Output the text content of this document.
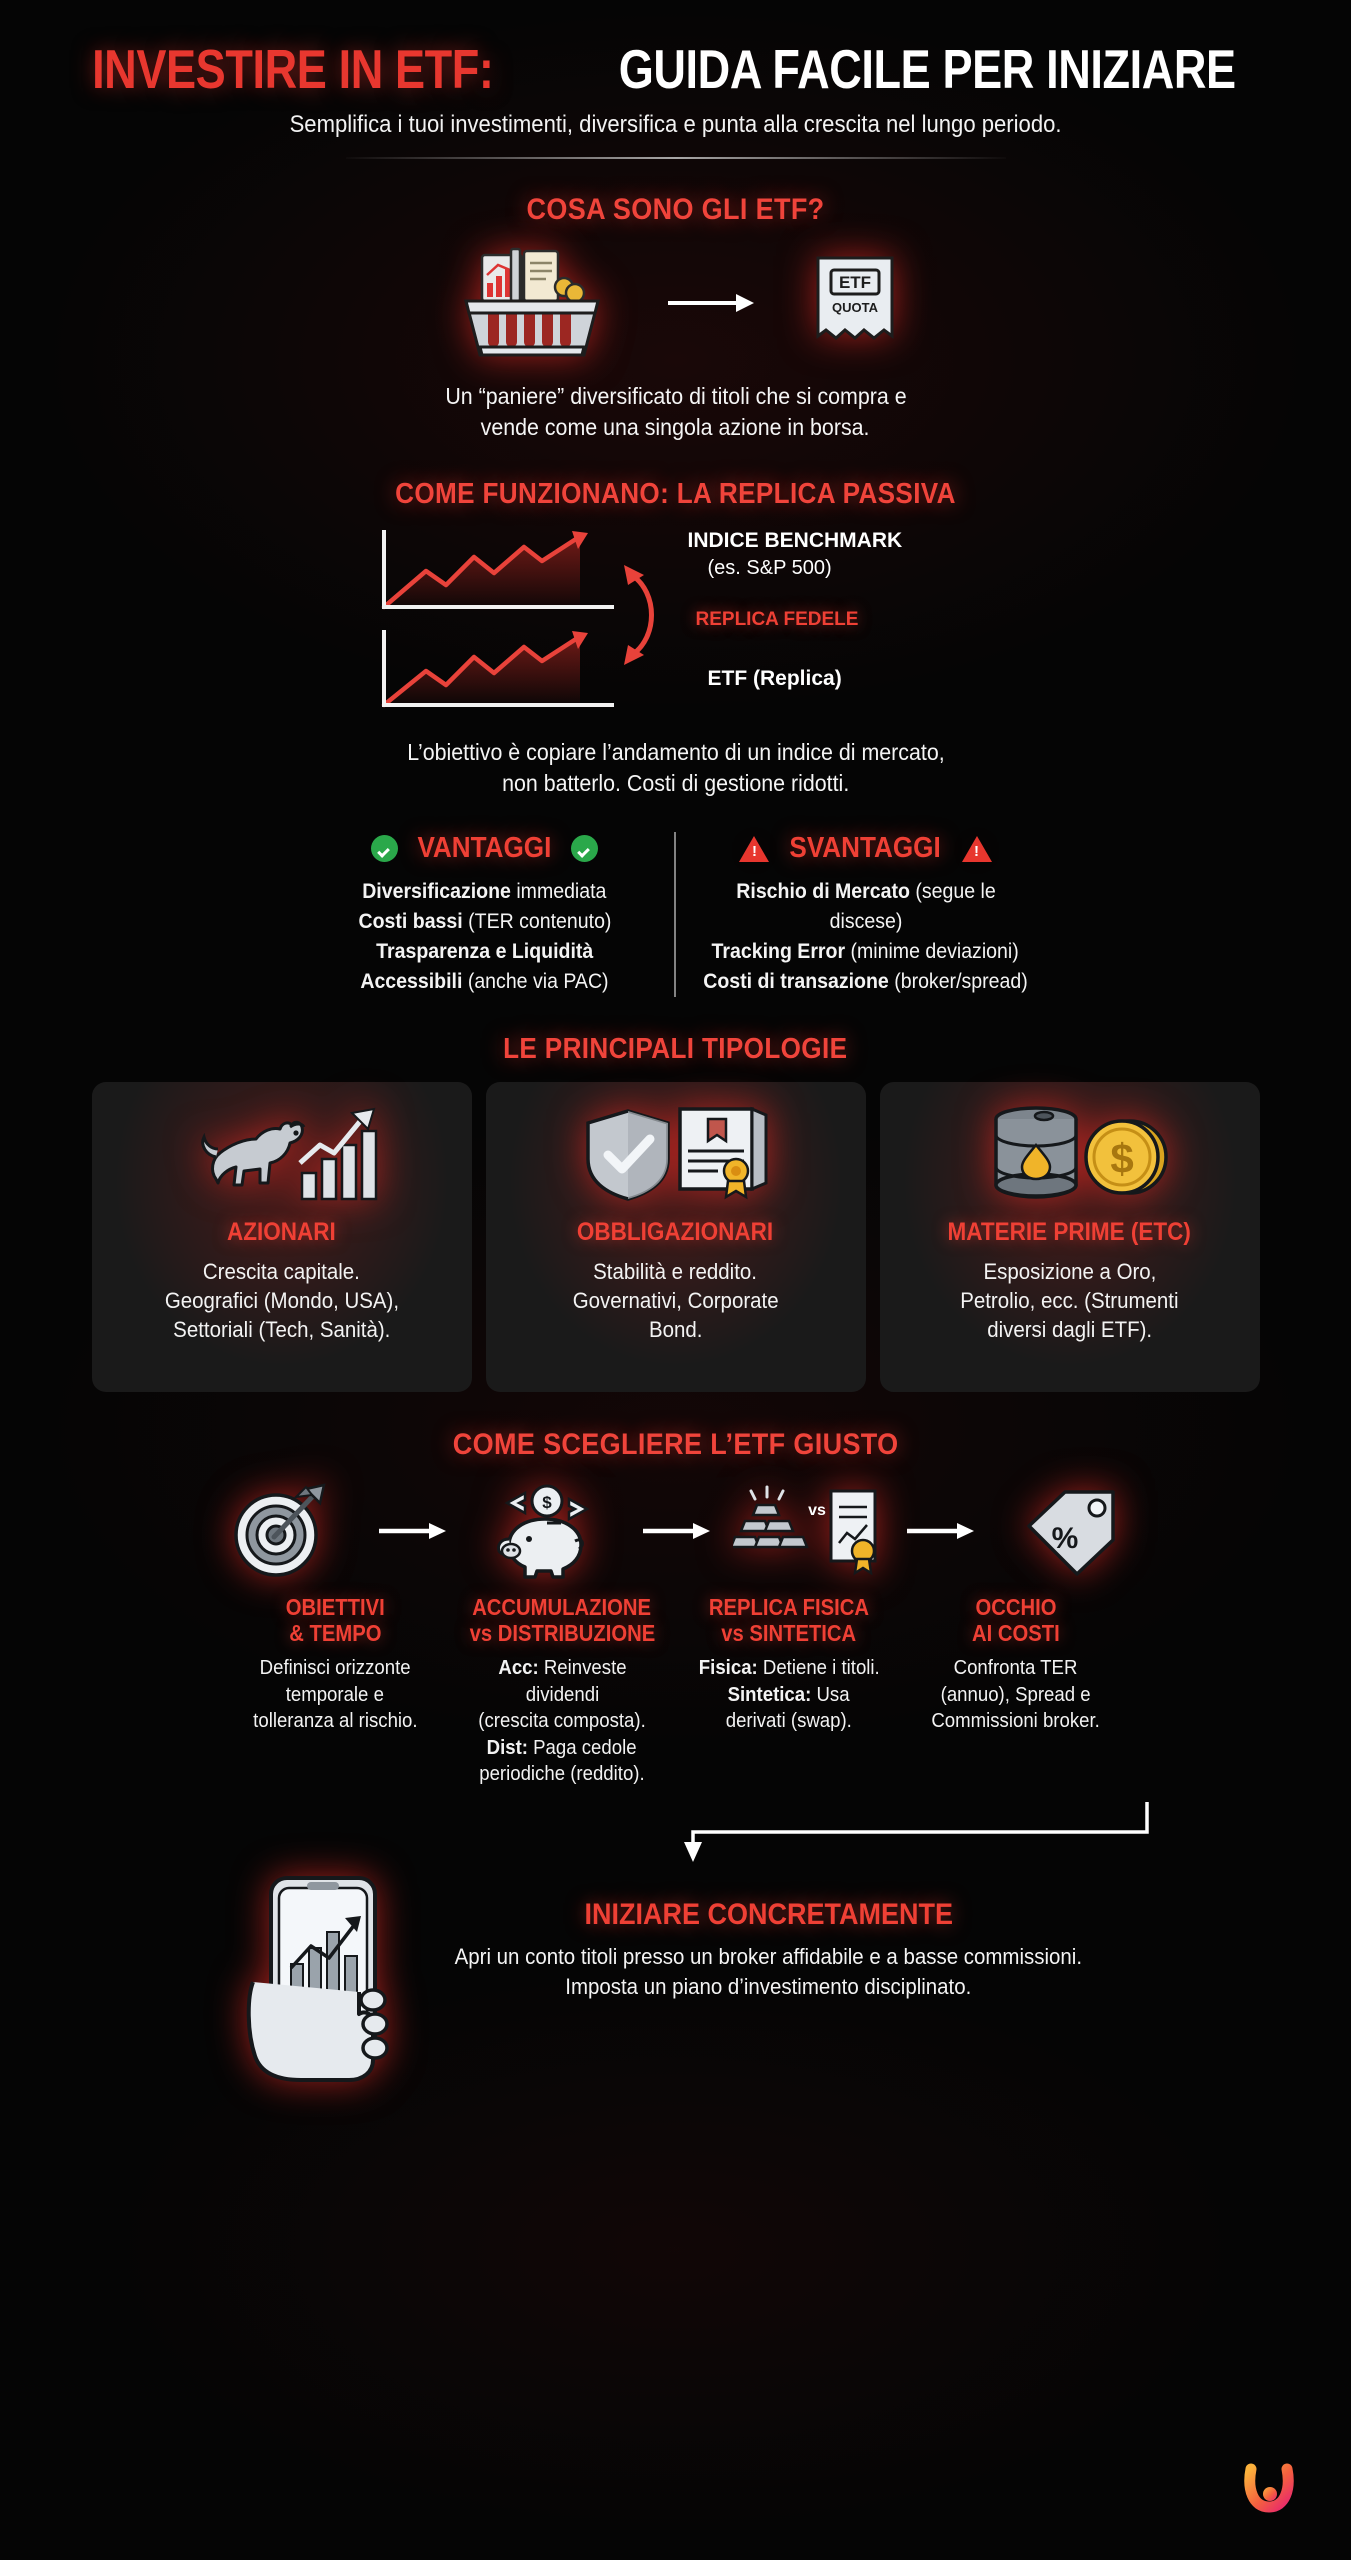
INVESTIRE IN ETF: GUIDA FACILE PER INIZIARE
Semplifica i tuoi investimenti, diversifica e punta alla crescita nel lungo periodo.
COSA SONO GLI ETF?
ETF
QUOTA
Un “paniere” diversificato di titoli che si compra e
vende come una singola azione in borsa.
COME FUNZIONANO: LA REPLICA PASSIVA
INDICE BENCHMARK
(es. S&P 500)
REPLICA FEDELE
ETF (Replica)
L’obiettivo è copiare l’andamento di un indice di mercato,
non batterlo. Costi di gestione ridotti.
VANTAGGI
Diversificazione immediata
Costi bassi (TER contenuto)
Trasparenza e Liquidità
Accessibili (anche via PAC)
!
SVANTAGGI
!
Rischio di Mercato (segue le discese)
Tracking Error (minime deviazioni)
Costi di transazione (broker/spread)
LE PRINCIPALI TIPOLOGIE
AZIONARI
Crescita capitale.
Geografici (Mondo, USA),
Settoriali (Tech, Sanità).
OBBLIGAZIONARI
Stabilità e reddito.
Governativi, Corporate
Bond.
$
MATERIE PRIME (ETC)
Esposizione a Oro,
Petrolio, ecc. (Strumenti
diversi dagli ETF).
COME SCEGLIERE L’ETF GIUSTO
$	vs
%
OBIETTIVI
& TEMPO
Definisci orizzonte
temporale e
tolleranza al rischio.
ACCUMULAZIONE
vs DISTRIBUZIONE
Acc: Reinveste dividendi
(crescita composta).
Dist: Paga cedole
periodiche (reddito).
REPLICA FISICA
vs SINTETICA
Fisica: Detiene i titoli.
Sintetica: Usa
derivati (swap).
OCCHIO
AI COSTI
Confronta TER
(annuo), Spread e
Commissioni broker.
INIZIARE CONCRETAMENTE
Apri un conto titoli presso un broker affidabile e a basse commissioni.
Imposta un piano d’investimento disciplinato.
